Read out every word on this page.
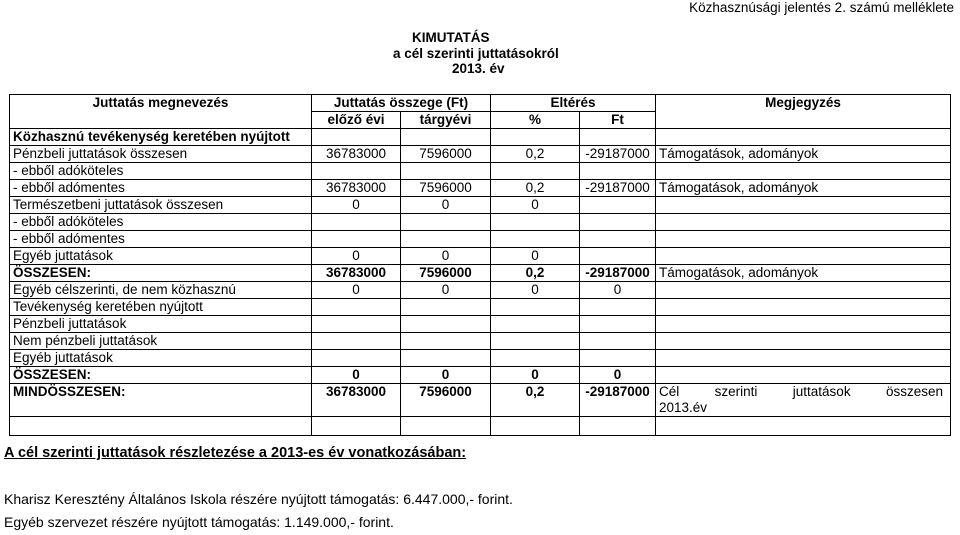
Közhasznúsági jelentés 2. számú melléklete
KIMUTATÁS
a cél szerinti juttatásokról
2013. év
Juttatás megnevezés	Juttatás összege (Ft)		Eltérés		Megjegyzés
	előző évi	tárgyévi	%	Ft	
Közhasznú tevékenység keretében nyújtott					
Pénzbeli juttatások összesen	36783000	7596000	0,2	-29187000	Támogatások, adományok
- ebből adóköteles					
- ebből adómentes	36783000	7596000	0,2	-29187000	Támogatások, adományok
Természetbeni juttatások összesen	0	0	0		
- ebből adóköteles					
- ebből adómentes					
Egyéb juttatások	0	0	0		
ÖSSZESEN:	36783000	7596000	0,2	-29187000	Támogatások, adományok
Egyéb célszerinti, de nem közhasznú	0	0	0	0	
Tevékenység keretében nyújtott					
Pénzbeli juttatások					
Nem pénzbeli juttatások					
Egyéb juttatások					
ÖSSZESEN:	0	0	0	0	
MINDÖSSZESEN:	36783000	7596000	0,2	-29187000	Cél szerinti juttatások összesen
2013.év

A cél szerinti juttatások részletezése a 2013-es év vonatkozásában:
Kharisz Keresztény Általános Iskola részére nyújtott támogatás: 6.447.000,- forint.
Egyéb szervezet részére nyújtott támogatás: 1.149.000,- forint.
